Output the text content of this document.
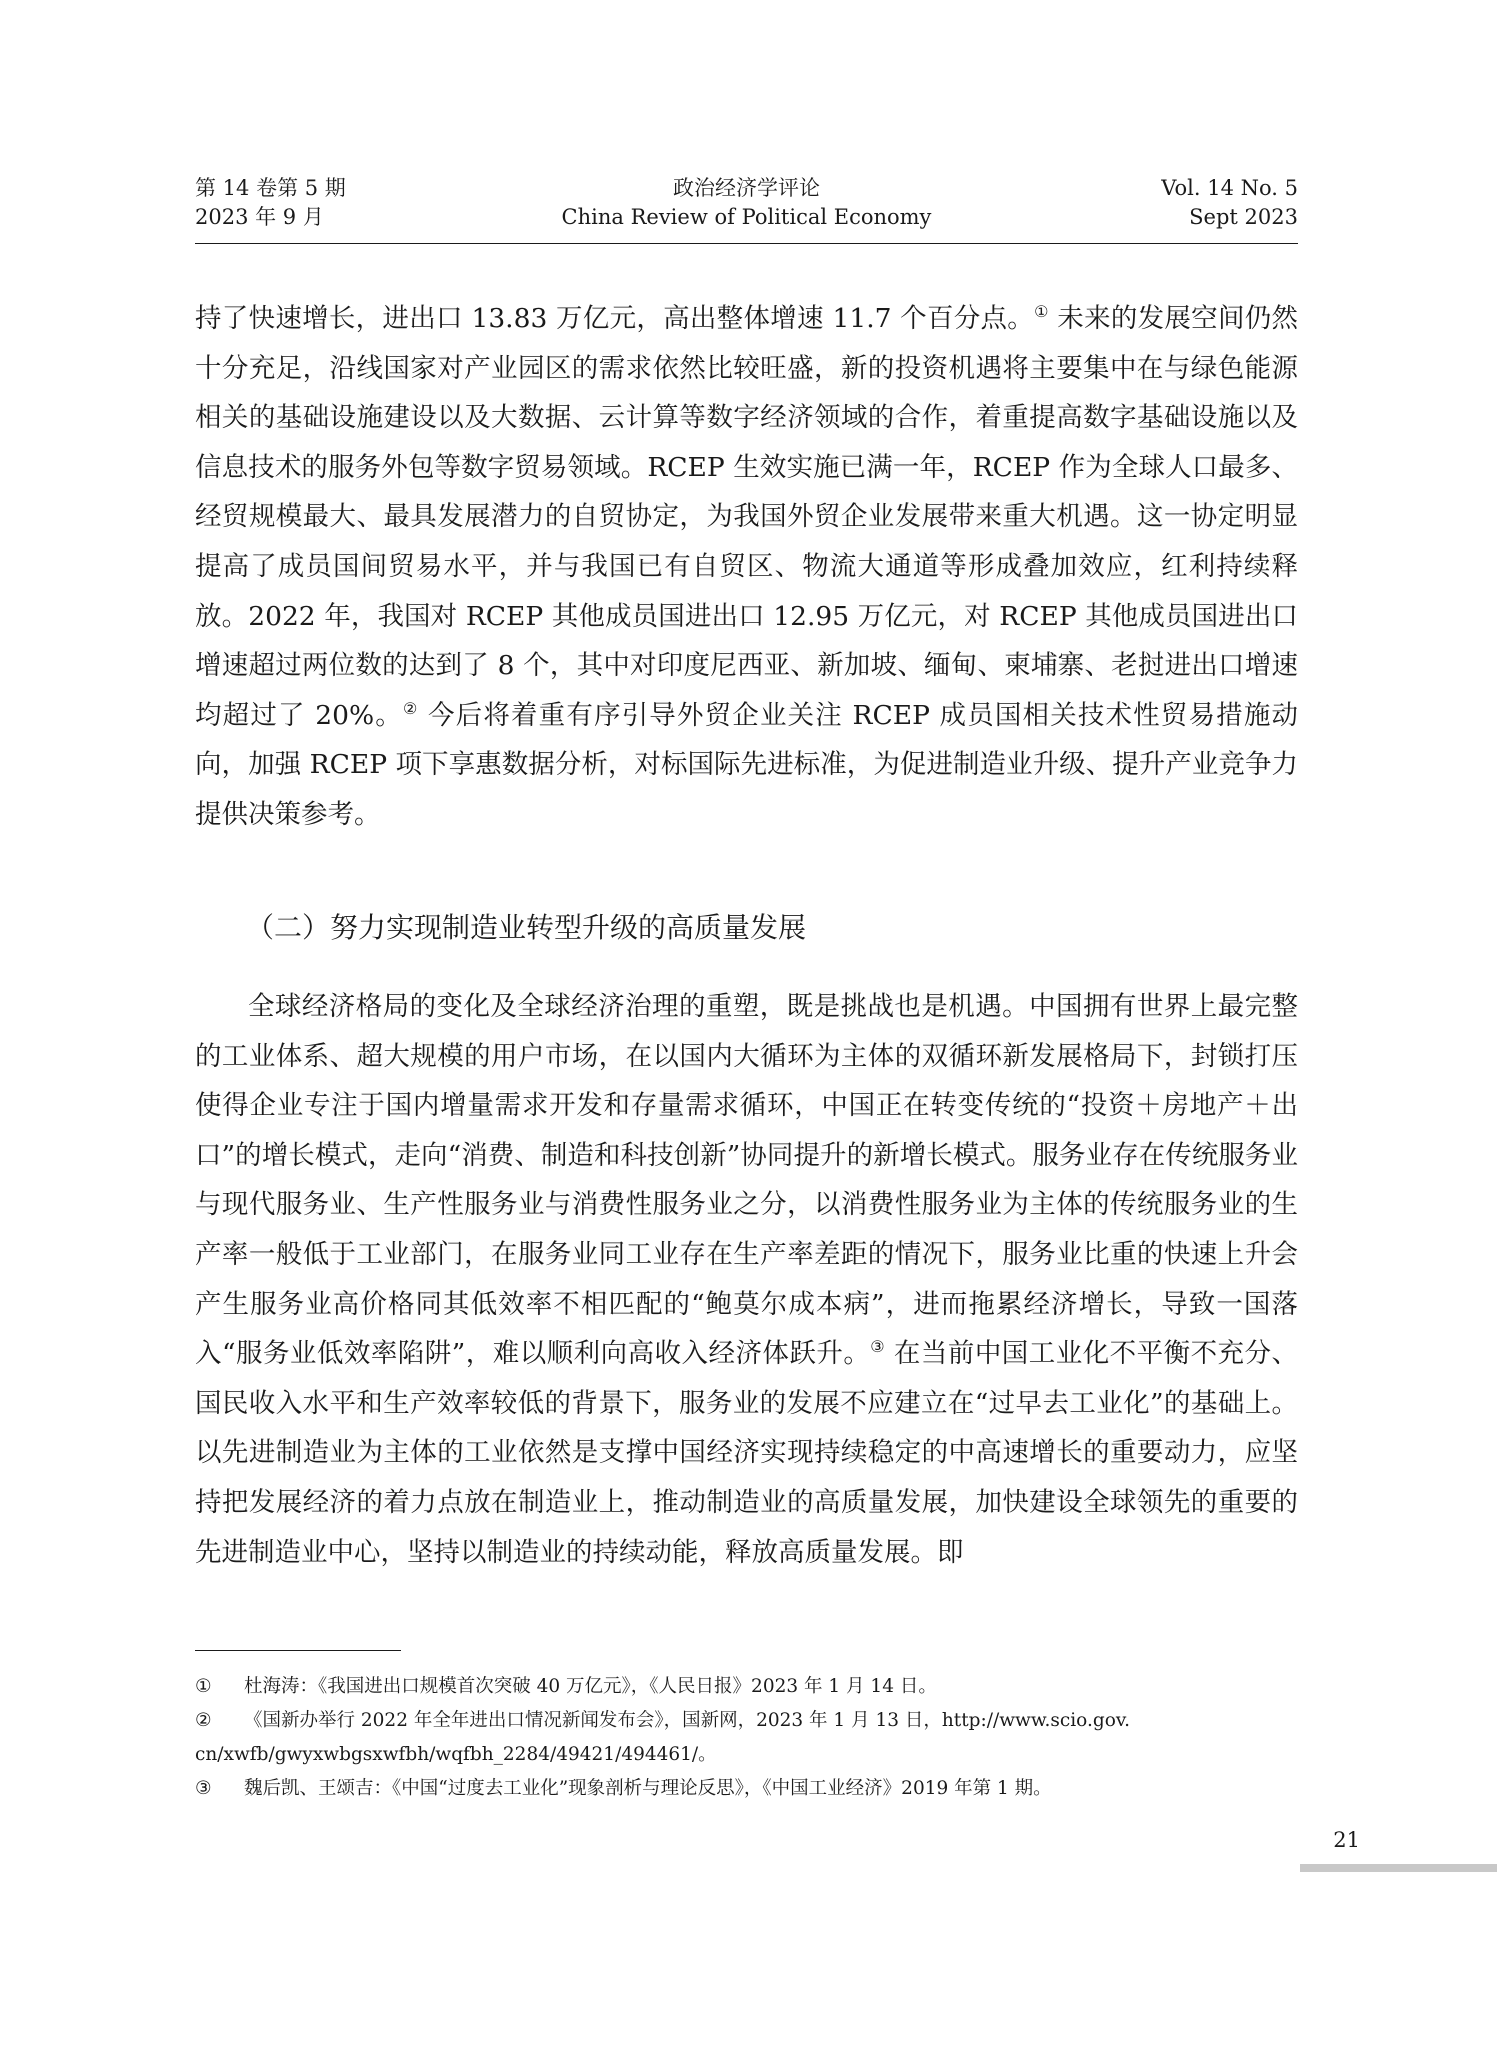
第 14 卷第 5 期
2023 年 9 月
政治经济学评论
China Review of Political Economy
Vol. 14 No. 5
Sept 2023

持了快速增长，进出口 13.83 万亿元，高出整体增速 11.7 个百分点。① 未来的发展空间仍然十分充足，沿线国家对产业园区的需求依然比较旺盛，新的投资机遇将主要集中在与绿色能源相关的基础设施建设以及大数据、云计算等数字经济领域的合作，着重提高数字基础设施以及信息技术的服务外包等数字贸易领域。RCEP 生效实施已满一年，RCEP 作为全球人口最多、经贸规模最大、最具发展潜力的自贸协定，为我国外贸企业发展带来重大机遇。这一协定明显提高了成员国间贸易水平，并与我国已有自贸区、物流大通道等形成叠加效应，红利持续释放。2022 年，我国对 RCEP 其他成员国进出口 12.95 万亿元，对 RCEP 其他成员国进出口增速超过两位数的达到了 8 个，其中对印度尼西亚、新加坡、缅甸、柬埔寨、老挝进出口增速均超过了 20%。② 今后将着重有序引导外贸企业关注 RCEP 成员国相关技术性贸易措施动向，加强 RCEP 项下享惠数据分析，对标国际先进标准，为促进制造业升级、提升产业竞争力提供决策参考。

（二）努力实现制造业转型升级的高质量发展

全球经济格局的变化及全球经济治理的重塑，既是挑战也是机遇。中国拥有世界上最完整的工业体系、超大规模的用户市场，在以国内大循环为主体的双循环新发展格局下，封锁打压使得企业专注于国内增量需求开发和存量需求循环，中国正在转变传统的“投资＋房地产＋出口”的增长模式，走向“消费、制造和科技创新”协同提升的新增长模式。服务业存在传统服务业与现代服务业、生产性服务业与消费性服务业之分，以消费性服务业为主体的传统服务业的生产率一般低于工业部门，在服务业同工业存在生产率差距的情况下，服务业比重的快速上升会产生服务业高价格同其低效率不相匹配的“鲍莫尔成本病”，进而拖累经济增长，导致一国落入“服务业低效率陷阱”，难以顺利向高收入经济体跃升。③ 在当前中国工业化不平衡不充分、国民收入水平和生产效率较低的背景下，服务业的发展不应建立在“过早去工业化”的基础上。以先进制造业为主体的工业依然是支撑中国经济实现持续稳定的中高速增长的重要动力，应坚持把发展经济的着力点放在制造业上，推动制造业的高质量发展，加快建设全球领先的重要的先进制造业中心，坚持以制造业的持续动能，释放高质量发展。即

① 杜海涛：《我国进出口规模首次突破 40 万亿元》，《人民日报》2023 年 1 月 14 日。

② 《国新办举行 2022 年全年进出口情况新闻发布会》，国新网，2023 年 1 月 13 日，http://www.scio.gov.
cn/xwfb/gwyxwbgsxwfbh/wqfbh_2284/49421/494461/。

③ 魏后凯、王颂吉：《中国“过度去工业化”现象剖析与理论反思》，《中国工业经济》2019 年第 1 期。

21
